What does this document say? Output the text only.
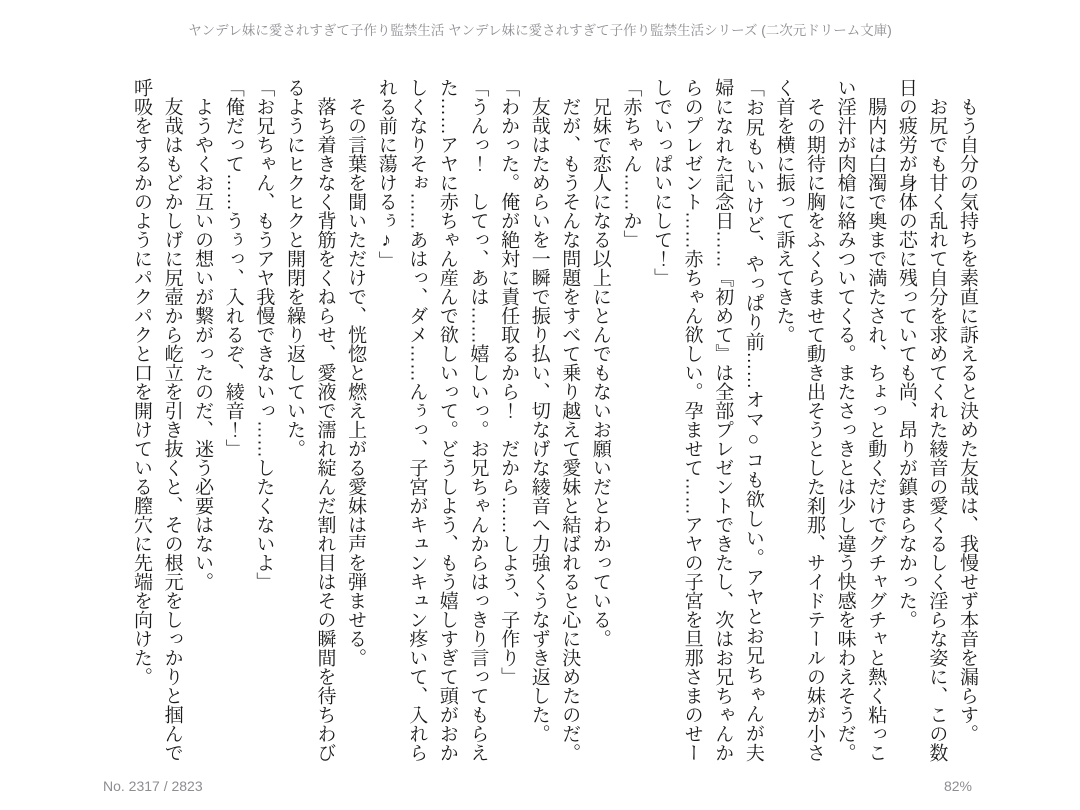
ヤンデレ妹に愛されすぎて子作り監禁生活 ヤンデレ妹に愛されすぎて子作り監禁生活シリーズ (二次元ドリーム文庫)

もう自分の気持ちを素直に訴えると決めた友哉は、我慢せず本音を漏らす。

お尻でも甘く乱れて自分を求めてくれた綾音の愛くるしく淫らな姿に、この数日の疲労が身体の芯に残っていても尚、昂りが鎮まらなかった。

腸内は白濁で奥まで満たされ、ちょっと動くだけでグチャグチャと熱く粘っこい淫汁が肉槍に絡みついてくる。またさっきとは少し違う快感を味わえそうだ。

その期待に胸をふくらませて動き出そうとした刹那、サイドテールの妹が小さく首を横に振って訴えてきた。

「お尻もいいけど、やっぱり前……オマ○コも欲しい。アヤとお兄ちゃんが夫婦になれた記念日……『初めて』は全部プレゼントできたし、次はお兄ちゃんからのプレゼント……赤ちゃん欲しい。孕ませて……アヤの子宮を旦那さまのせーしでいっぱいにして！」

「赤ちゃん……か」

兄妹で恋人になる以上にとんでもないお願いだとわかっている。

だが、もうそんな問題をすべて乗り越えて愛妹と結ばれると心に決めたのだ。

友哉はためらいを一瞬で振り払い、切なげな綾音へ力強くうなずき返した。

「わかった。俺が絶対に責任取るから！　だから……しよう、子作り」

「うんっ！　してっ、あは……嬉しいっ。お兄ちゃんからはっきり言ってもらえた……アヤに赤ちゃん産んで欲しいって。どうしよう、もう嬉しすぎて頭がおかしくなりそぉ……あはっ、ダメ……んぅっ、子宮がキュンキュン疼いて、入れられる前に蕩けるぅ♪」

その言葉を聞いただけで、恍惚と燃え上がる愛妹は声を弾ませる。

落ち着きなく背筋をくねらせ、愛液で濡れ綻んだ割れ目はその瞬間を待ちわびるようにヒクヒクと開閉を繰り返していた。

「お兄ちゃん、もうアヤ我慢できないっ……したくないよ」

「俺だって……うぅっ、入れるぞ、綾音！」

ようやくお互いの想いが繋がったのだ、迷う必要はない。

友哉はもどかしげに尻壺から屹立を引き抜くと、その根元をしっかりと掴んで呼吸をするかのようにパクパクと口を開けている膣穴に先端を向けた。

No. 2317 / 2823	82%
